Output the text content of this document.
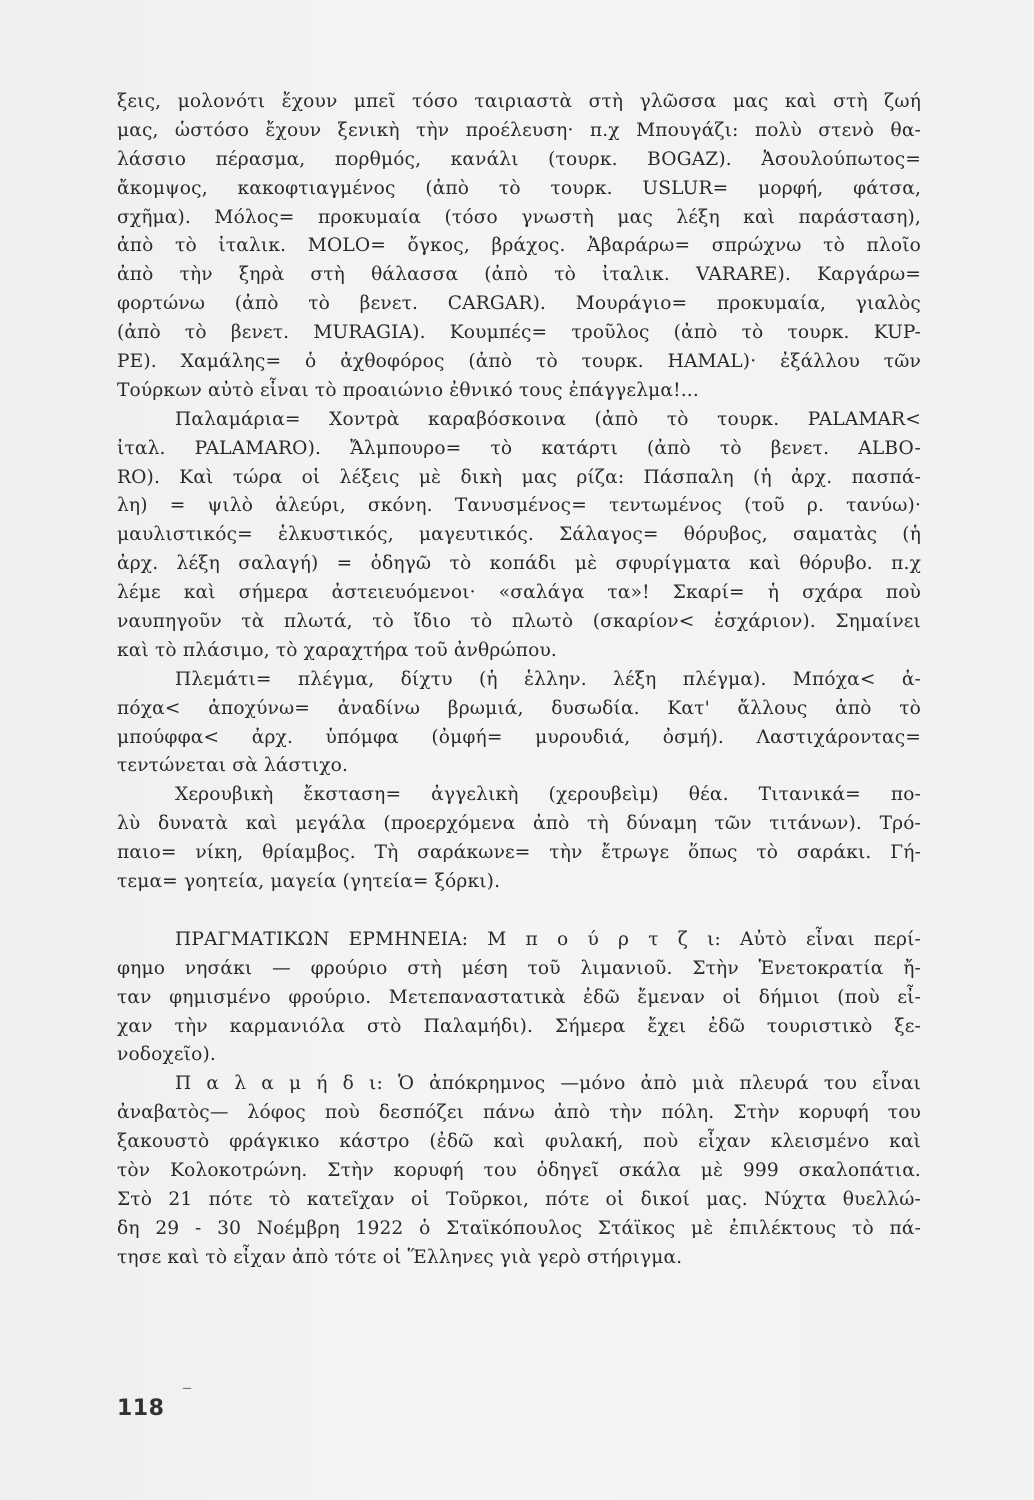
ξεις, μολονότι ἔχουν μπεῖ τόσο ταιριαστὰ στὴ γλῶσσα μας καὶ στὴ ζωή
μας, ὡστόσο ἔχουν ξενικὴ τὴν προέλευση· π.χ Μπουγάζι: πολὺ στενὸ θα-
λάσσιο πέρασμα, πορθμός, κανάλι (τουρκ. BOGAZ). Ἀσουλούπωτος=
ἄκομψος, κακοφτιαγμένος (ἀπὸ τὸ τουρκ. USLUR= μορφή, φάτσα,
σχῆμα). Μόλος= προκυμαία (τόσο γνωστὴ μας λέξη καὶ παράσταση),
ἀπὸ τὸ ἰταλικ. MOLO= ὄγκος, βράχος. Ἀβαράρω= σπρώχνω τὸ πλοῖο
ἀπὸ τὴν ξηρὰ στὴ θάλασσα (ἀπὸ τὸ ἰταλικ. VARARE). Καργάρω=
φορτώνω (ἀπὸ τὸ βενετ. CARGAR). Μουράγιο= προκυμαία, γιαλὸς
(ἀπὸ τὸ βενετ. MURAGIA). Κουμπές= τροῦλος (ἀπὸ τὸ τουρκ. KUP-
PE). Χαμάλης= ὁ ἀχθοφόρος (ἀπὸ τὸ τουρκ. HAMAL)· ἐξάλλου τῶν
Τούρκων αὐτὸ εἶναι τὸ προαιώνιο ἐθνικό τους ἐπάγγελμα!...
Παλαμάρια= Χοντρὰ καραβόσκοινα (ἀπὸ τὸ τουρκ. PALAMAR<
ἰταλ. PALAMARO). Ἄλμπουρο= τὸ κατάρτι (ἀπὸ τὸ βενετ. ALBO-
RO). Καὶ τώρα οἱ λέξεις μὲ δικὴ μας ρίζα: Πάσπαλη (ἡ ἀρχ. πασπά-
λη) = ψιλὸ ἀλεύρι, σκόνη. Τανυσμένος= τεντωμένος (τοῦ ρ. τανύω)·
μαυλιστικός= ἑλκυστικός, μαγευτικός. Σάλαγος= θόρυβος, σαματὰς (ἡ
ἀρχ. λέξη σαλαγή) = ὁδηγῶ τὸ κοπάδι μὲ σφυρίγματα καὶ θόρυβο. π.χ
λέμε καὶ σήμερα ἀστειευόμενοι· «σαλάγα τα»! Σκαρί= ἡ σχάρα ποὺ
ναυπηγοῦν τὰ πλωτά, τὸ ἴδιο τὸ πλωτὸ (σκαρίον< ἐσχάριον). Σημαίνει
καὶ τὸ πλάσιμο, τὸ χαραχτήρα τοῦ ἀνθρώπου.
Πλεμάτι= πλέγμα, δίχτυ (ἡ ἑλλην. λέξη πλέγμα). Μπόχα< ἀ-
πόχα< ἀποχύνω= ἀναδίνω βρωμιά, δυσωδία. Κατ' ἄλλους ἀπὸ τὸ
μπούφφα< ἀρχ. ὑπόμφα (ὀμφή= μυρουδιά, ὀσμή). Λαστιχάροντας=
τεντώνεται σὰ λάστιχο.
Χερουβικὴ ἔκσταση= ἀγγελικὴ (χερουβεὶμ) θέα. Τιτανικά= πο-
λὺ δυνατὰ καὶ μεγάλα (προερχόμενα ἀπὸ τὴ δύναμη τῶν τιτάνων). Τρό-
παιο= νίκη, θρίαμβος. Τὴ σαράκωνε= τὴν ἔτρωγε ὅπως τὸ σαράκι. Γή-
τεμα= γοητεία, μαγεία (γητεία= ξόρκι).
ΠΡΑΓΜΑΤΙΚΩΝ ΕΡΜΗΝΕΙΑ: Μ π ο ύ ρ τ ζ ι: Αὐτὸ εἶναι περί-
φημο νησάκι — φρούριο στὴ μέση τοῦ λιμανιοῦ. Στὴν Ἑνετοκρατία ἤ-
ταν φημισμένο φρούριο. Μετεπαναστατικὰ ἐδῶ ἔμεναν οἱ δήμιοι (ποὺ εἶ-
χαν τὴν καρμανιόλα στὸ Παλαμήδι). Σήμερα ἔχει ἐδῶ τουριστικὸ ξε-
νοδοχεῖο).
Π α λ α μ ή δ ι: Ὁ ἀπόκρημνος —μόνο ἀπὸ μιὰ πλευρά του εἶναι
ἀναβατὸς— λόφος ποὺ δεσπόζει πάνω ἀπὸ τὴν πόλη. Στὴν κορυφή του
ξακουστὸ φράγκικο κάστρο (ἐδῶ καὶ φυλακή, ποὺ εἶχαν κλεισμένο καὶ
τὸν Κολοκοτρώνη. Στὴν κορυφή του ὁδηγεῖ σκάλα μὲ 999 σκαλοπάτια.
Στὸ 21 πότε τὸ κατεῖχαν οἱ Τοῦρκοι, πότε οἱ δικοί μας. Νύχτα θυελλώ-
δη 29 - 30 Νοέμβρη 1922 ὁ Σταϊκόπουλος Στάϊκος μὲ ἐπιλέκτους τὸ πά-
τησε καὶ τὸ εἶχαν ἀπὸ τότε οἱ Ἕλληνες γιὰ γερὸ στήριγμα.
118
‾
